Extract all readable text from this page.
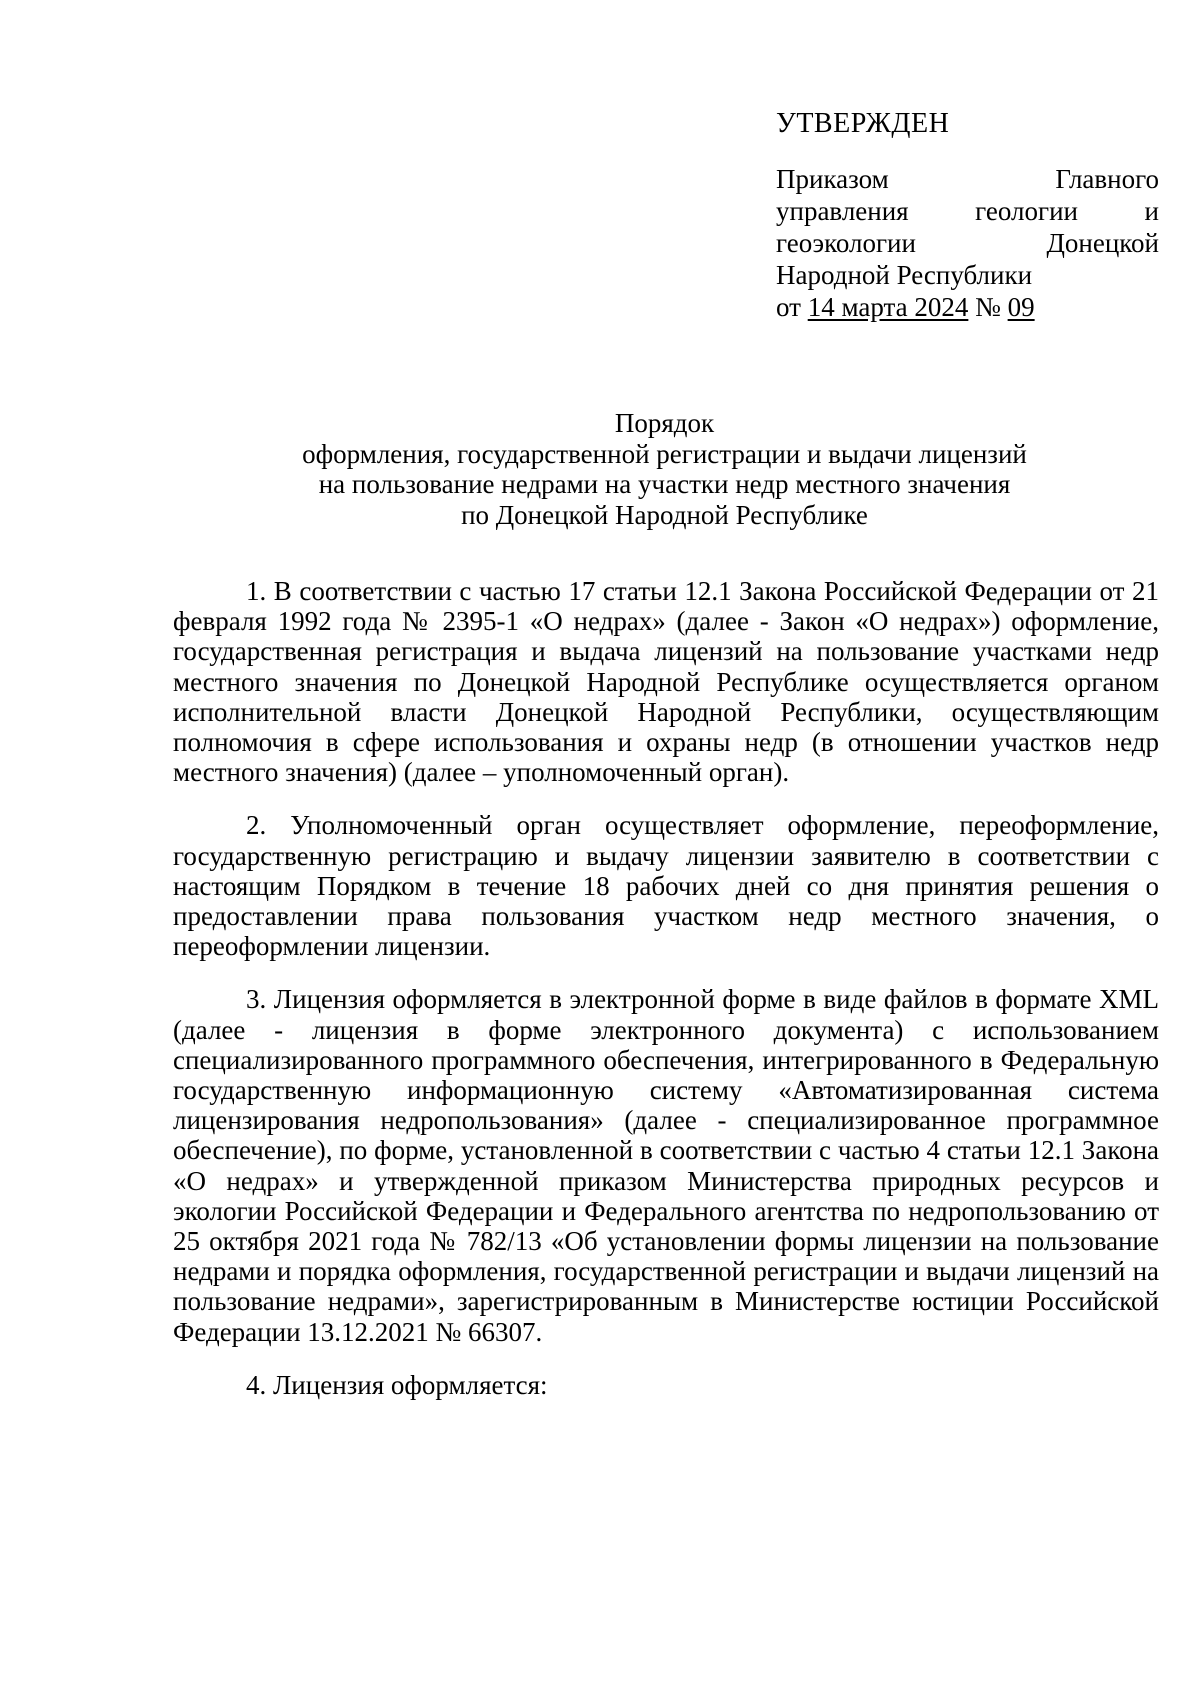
УТВЕРЖДЕН
Приказом Главного
управления геологии и
геоэкологии Донецкой
Народной Республики
от 14 марта 2024 № 09
Порядок
оформления, государственной регистрации и выдачи лицензий
на пользование недрами на участки недр местного значения
по Донецкой Народной Республике

1. В соответствии с частью 17 статьи 12.1 Закона Российской Федерации от 21 февраля 1992 года № 2395-1 «О недрах» (далее - Закон «О недрах») оформление, государственная регистрация и выдача лицензий на пользование участками недр местного значения по Донецкой Народной Республике осуществляется органом исполнительной власти Донецкой Народной Республики, осуществляющим полномочия в сфере использования и охраны недр (в отношении участков недр местного значения) (далее – уполномоченный орган).

2. Уполномоченный орган осуществляет оформление, переоформление, государственную регистрацию и выдачу лицензии заявителю в соответствии с настоящим Порядком в течение 18 рабочих дней со дня принятия решения о предоставлении права пользования участком недр местного значения, о переоформлении лицензии.

3. Лицензия оформляется в электронной форме в виде файлов в формате XML (далее - лицензия в форме электронного документа) с использованием специализированного программного обеспечения, интегрированного в Федеральную государственную информационную систему «Автоматизированная система лицензирования недропользования» (далее - специализированное программное обеспечение), по форме, установленной в соответствии с частью 4 статьи 12.1 Закона «О недрах» и утвержденной приказом Министерства природных ресурсов и экологии Российской Федерации и Федерального агентства по недропользованию от 25 октября 2021 года № 782/13 «Об установлении формы лицензии на пользование недрами и порядка оформления, государственной регистрации и выдачи лицензий на пользование недрами», зарегистрированным в Министерстве юстиции Российской Федерации 13.12.2021 № 66307.

4. Лицензия оформляется:
